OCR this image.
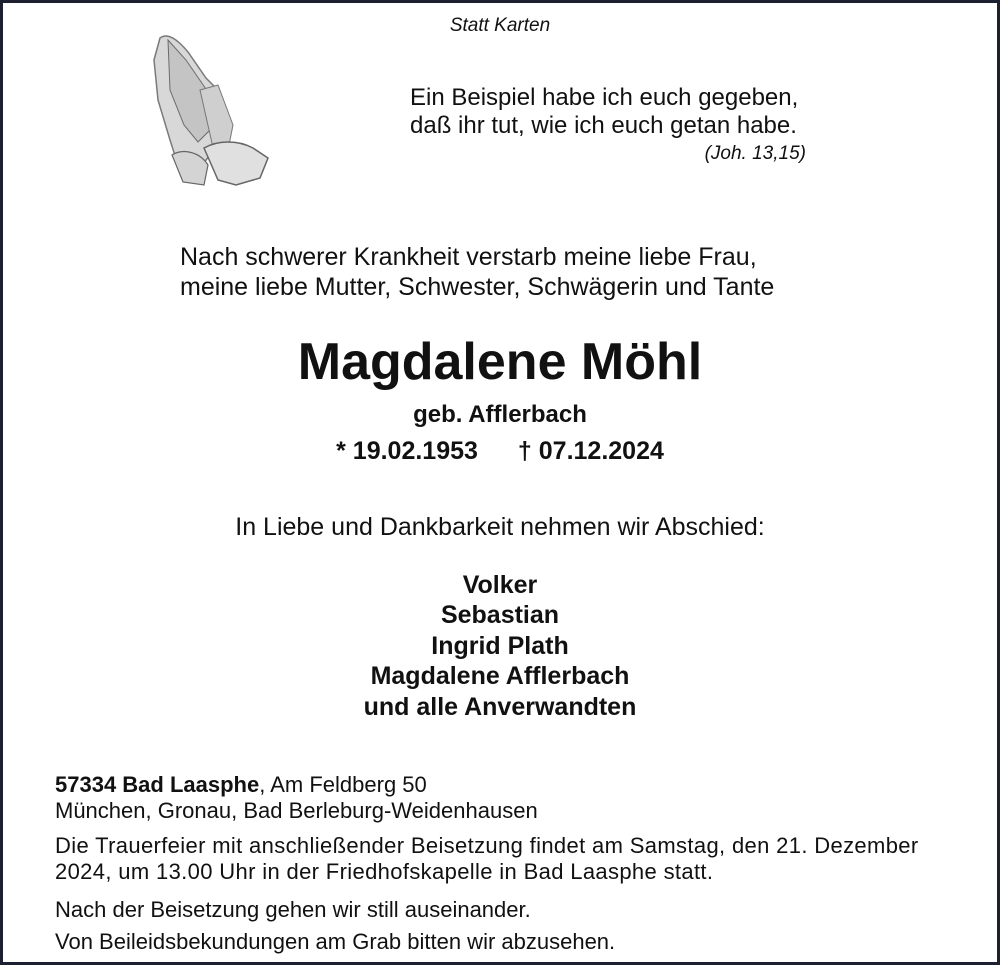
Statt Karten
Ein Beispiel habe ich euch gegeben,
daß ihr tut, wie ich euch getan habe.
(Joh. 13,15)
Nach schwerer Krankheit verstarb meine liebe Frau,
meine liebe Mutter, Schwester, Schwägerin und Tante
Magdalene Möhl
geb. Afflerbach
* 19.02.1953 † 07.12.2024
In Liebe und Dankbarkeit nehmen wir Abschied:
Volker
Sebastian
Ingrid Plath
Magdalene Afflerbach
und alle Anverwandten
57334 Bad Laasphe, Am Feldberg 50
München, Gronau, Bad Berleburg-Weidenhausen
Die Trauerfeier mit anschließender Beisetzung findet am Samstag, den 21. Dezember
2024, um 13.00 Uhr in der Friedhofskapelle in Bad Laasphe statt.
Nach der Beisetzung gehen wir still auseinander.
Von Beileidsbekundungen am Grab bitten wir abzusehen.
